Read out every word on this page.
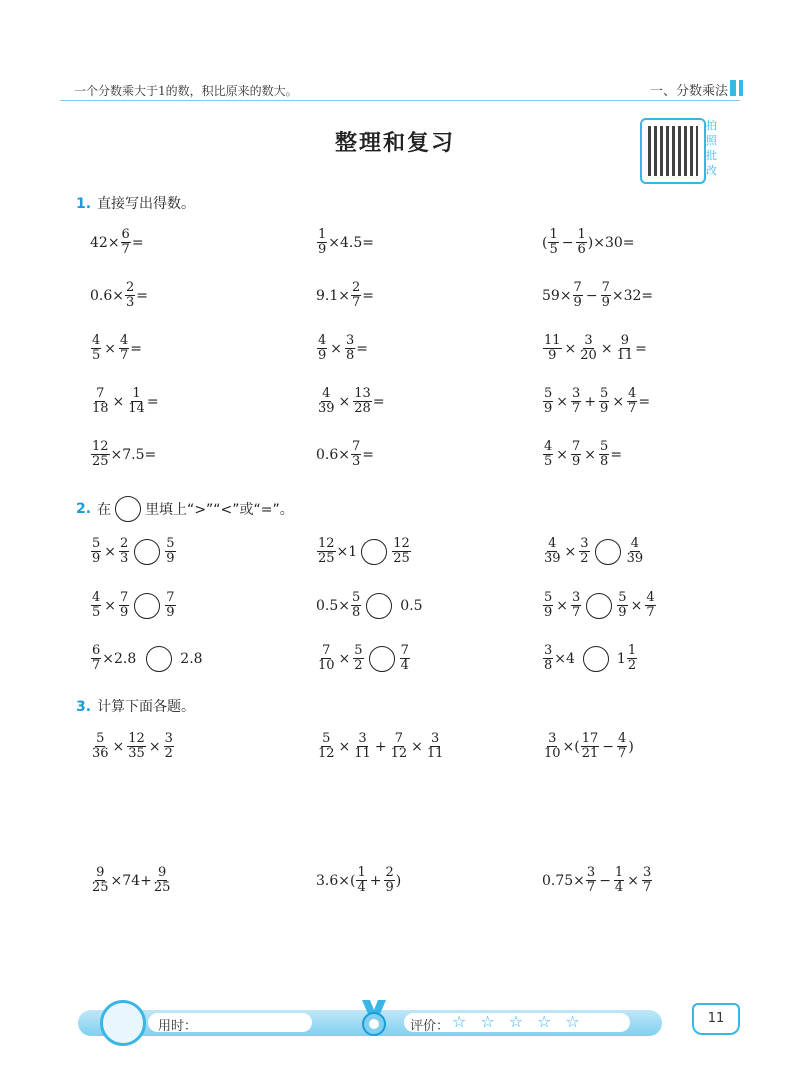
一个分数乘大于1的数，积比原来的数大。	一、分数乘法
整理和复习
拍照批改
1. 直接写出得数。
$42\times \frac{6}{7}$ =	$\frac{1}{9} \times 4.5=$	( $\frac{1}{5} - \frac{1}{6} )\times 30=$
$0.6\times \frac{2}{3}$ =	$9.1\times \frac{2}{7}$ =	$59\times \frac{7}{9} - \frac{7}{9} \times 32=$
$\frac{4}{5} \times \frac{4}{7}$ =	$\frac{4}{9} \times \frac{3}{8}$ =	$\frac{11}{9} \times \frac{3}{20} \times \frac{9}{11}$ =
$\frac{7}{18} \times \frac{1}{14}$ =	$\frac{4}{39} \times \frac{13}{28}$ =	$\frac{5}{9} \times \frac{3}{7} + \frac{5}{9} \times \frac{4}{7}$ =
$\frac{12}{25} \times 7.5=$	$0.6\times \frac{7}{3}$ =	$\frac{4}{5} \times \frac{7}{9} \times \frac{5}{8}$ =
2. 在 里填上“>”“<”或“=”。
$\frac{5}{9} \times \frac{2}{3}$	$\frac{5}{9}$	$\frac{12}{25} \times 1$	$\frac{12}{25}$	$\frac{4}{39} \times \frac{3}{2}$	$\frac{4}{39}$
$\frac{4}{5} \times \frac{7}{9}$	$\frac{7}{9}$	$0.5\times \frac{5}{8}$	0.5	$\frac{5}{9} \times \frac{3}{7}$	$\frac{5}{9} \times \frac{4}{7}$
$\frac{6}{7} \times 2.8$	2.8	$\frac{7}{10} \times \frac{5}{2}$	$\frac{7}{4}$	$\frac{3}{8} \times 4$	$1 \frac{1}{2}$
3. 计算下面各题。
$\frac{5}{36} \times \frac{12}{35} \times \frac{3}{2}$	$\frac{5}{12} \times \frac{3}{11} + \frac{7}{12} \times \frac{3}{11}$	$\frac{3}{10}$ ×( $\frac{17}{21} - \frac{4}{7}$ )
$\frac{9}{25} \times 74+ \frac{9}{25}$	$3.6\times( \frac{1}{4} + \frac{2}{9}$ )	$0.75\times \frac{3}{7} - \frac{1}{4} \times \frac{3}{7}$
用时：	评价： ☆☆☆☆☆	11
